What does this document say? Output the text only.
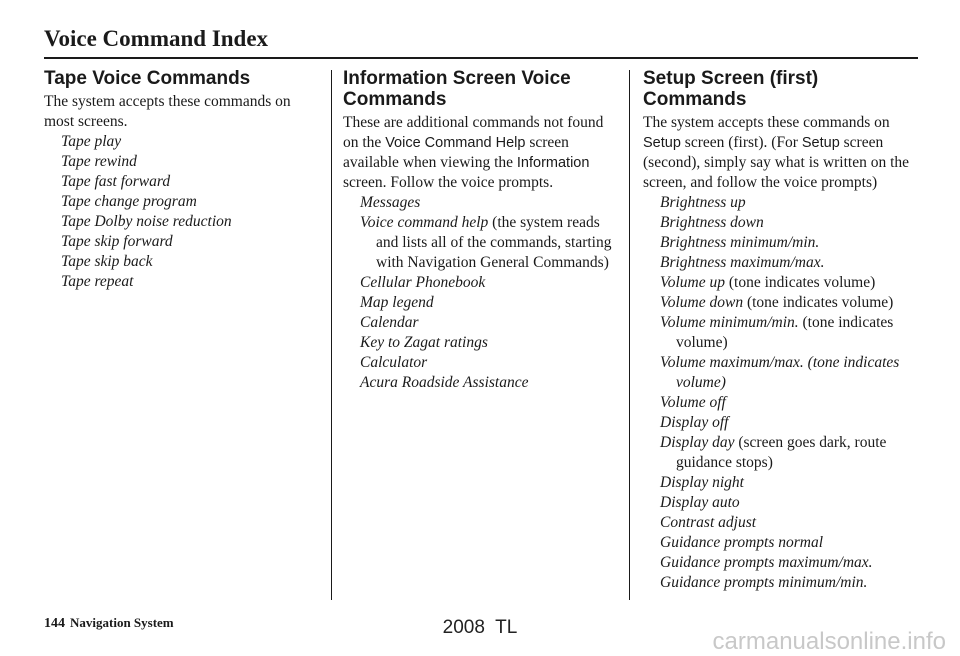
Voice Command Index
Tape Voice Commands

The system accepts these commands on most screens.

Tape play
Tape rewind
Tape fast forward
Tape change program
Tape Dolby noise reduction
Tape skip forward
Tape skip back
Tape repeat
Information Screen Voice Commands

These are additional commands not found on the Voice Command Help screen available when viewing the Information screen. Follow the voice prompts.

Messages
Voice command help (the system reads and lists all of the commands, starting with Navigation General Commands)
Cellular Phonebook
Map legend
Calendar
Key to Zagat ratings
Calculator
Acura Roadside Assistance
Setup Screen (first) Commands

The system accepts these commands on Setup screen (first). (For Setup screen (second), simply say what is written on the screen, and follow the voice prompts)

Brightness up
Brightness down
Brightness minimum/min.
Brightness maximum/max.
Volume up (tone indicates volume)
Volume down (tone indicates volume)
Volume minimum/min. (tone indicates volume)
Volume maximum/max. (tone indicates volume)
Volume off
Display off
Display day (screen goes dark, route guidance stops)
Display night
Display auto
Contrast adjust
Guidance prompts normal
Guidance prompts maximum/max.
Guidance prompts minimum/min.
144 Navigation System	2008  TL
carmanualsonline.info
